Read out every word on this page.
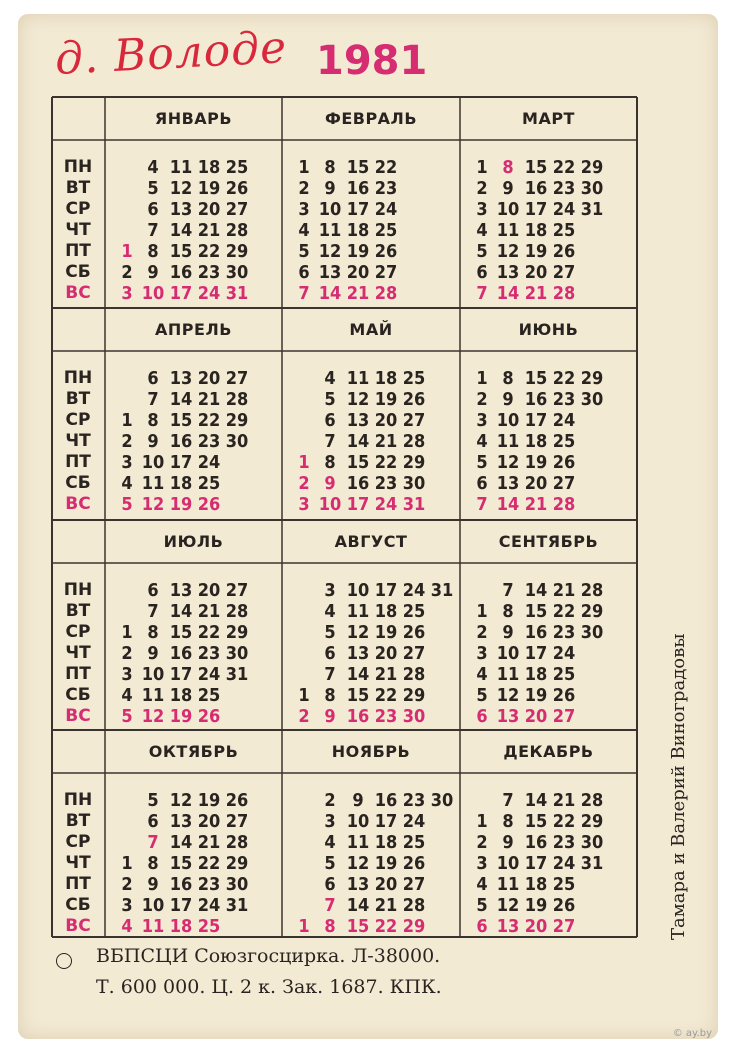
д. Володе 1981
ЯНВАРЬ
1
2
3
4
5
6
7
8
9
10
11
12
13
14
15
16
17
18
19
20
21
22
23
24
25
26
27
28
29
30
31
ФЕВРАЛЬ
1
2
3
4
5
6
7
8
9
10
11
12
13
14
15
16
17
18
19
20
21
22
23
24
25
26
27
28
МАРТ
1
2
3
4
5
6
7
8
9
10
11
12
13
14
15
16
17
18
19
20
21
22
23
24
25
26
27
28
29
30
31
АПРЕЛЬ
1
2
3
4
5
6
7
8
9
10
11
12
13
14
15
16
17
18
19
20
21
22
23
24
25
26
27
28
29
30
МАЙ
1
2
3
4
5
6
7
8
9
10
11
12
13
14
15
16
17
18
19
20
21
22
23
24
25
26
27
28
29
30
31
ИЮНЬ
1
2
3
4
5
6
7
8
9
10
11
12
13
14
15
16
17
18
19
20
21
22
23
24
25
26
27
28
29
30
ИЮЛЬ
1
2
3
4
5
6
7
8
9
10
11
12
13
14
15
16
17
18
19
20
21
22
23
24
25
26
27
28
29
30
31
АВГУСТ
1
2
3
4
5
6
7
8
9
10
11
12
13
14
15
16
17
18
19
20
21
22
23
24
25
26
27
28
29
30
31
СЕНТЯБРЬ
1
2
3
4
5
6
7
8
9
10
11
12
13
14
15
16
17
18
19
20
21
22
23
24
25
26
27
28
29
30
ОКТЯБРЬ
1
2
3
4
5
6
7
8
9
10
11
12
13
14
15
16
17
18
19
20
21
22
23
24
25
26
27
28
29
30
31
НОЯБРЬ
1
2
3
4
5
6
7
8
9
10
11
12
13
14
15
16
17
18
19
20
21
22
23
24
25
26
27
28
29
30
ДЕКАБРЬ
1
2
3
4
5
6
7
8
9
10
11
12
13
14
15
16
17
18
19
20
21
22
23
24
25
26
27
28
29
30
31
ПН
ВТ
СР
ЧТ
ПТ
СБ
ВС
ПН
ВТ
СР
ЧТ
ПТ
СБ
ВС
ПН
ВТ
СР
ЧТ
ПТ
СБ
ВС
ПН
ВТ
СР
ЧТ
ПТ
СБ
ВС	Тамара и Валерий Виноградовы
ВБПСЦИ Союзгосцирка. Л-38000.
Т. 600 000. Ц. 2 к. Зак. 1687. КПК.
© ay.by
